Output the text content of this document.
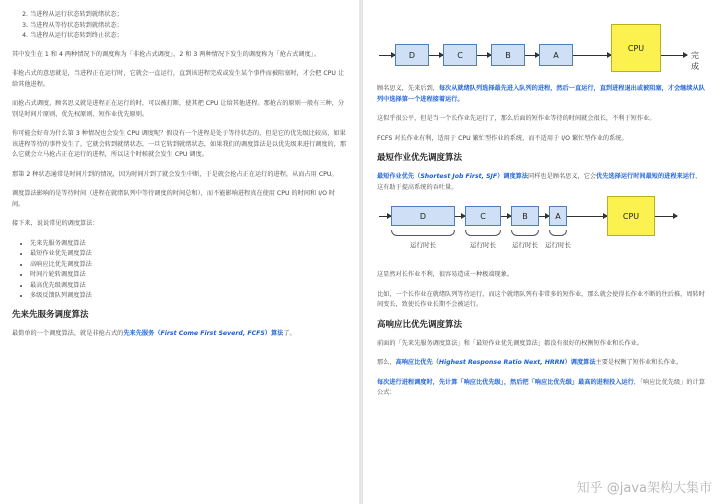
2. 当进程从运行状态转到就绪状态；
3. 当进程从等待状态转到就绪状态；
4. 当进程从运行状态转到终止状态；

其中发生在 1 和 4 两种情况下的调度称为「非抢占式调度」，2 和 3 两种情况下发生的调度称为「抢占式调度」。

非抢占式的意思就是，当进程正在运行时，它就会一直运行，直到该进程完成或发生某个事件而被阻塞时，才会把 CPU 让给其他进程。

而抢占式调度，顾名思义就是进程正在运行的时，可以被打断，使其把 CPU 让给其他进程。那抢占的原则一般有三种，分别是时间片原则、优先权原则、短作业优先原则。

你可能会好奇为什么第 3 种情况也会发生 CPU 调度呢？假设有一个进程是处于等待状态的，但是它的优先级比较高，如果该进程等待的事件发生了，它就会转到就绪状态，一旦它转到就绪状态，如果我们的调度算法是以优先级来进行调度的，那么它就会立马抢占正在运行的进程，所以这个时候就会发生 CPU 调度。

那第 2 种状态通常是时间片到的情况，因为时间片到了就会发生中断，于是就会抢占正在运行的进程，从而占用 CPU。

调度算法影响的是等待时间（进程在就绪队列中等待调度的时间总和），而不能影响进程真在使用 CPU 的时间和 I/O 时间。

接下来，说说常见的调度算法：

• 先来先服务调度算法
• 最短作业优先调度算法
• 高响应比优先调度算法
• 时间片轮转调度算法
• 最高优先级调度算法
• 多级反馈队列调度算法
先来先服务调度算法

最简单的一个调度算法，就是非抢占式的先来先服务（First Come First Severd, FCFS）算法了。

D	C	B	A
CPU
完成

顾名思义，先来后到，每次从就绪队列选择最先进入队列的进程，然后一直运行，直到进程退出或被阻塞，才会继续从队列中选择第一个进程接着运行。

这似乎很公平，但是当一个长作业先运行了，那么后面的短作业等待的时间就会很长，不利于短作业。

FCFS 对长作业有利，适用于 CPU 繁忙型作业的系统，而不适用于 I/O 繁忙型作业的系统。

最短作业优先调度算法

最短作业优先（Shortest Job First, SJF）调度算法同样也是顾名思义，它会优先选择运行时间最短的进程来运行，这有助于提高系统的吞吐量。

D	C	B	A	CPU
运行时长	运行时长	运行时长	运行时长

这显然对长作业不利，很容易造成一种极端现象。

比如，一个长作业在就绪队列等待运行，而这个就绪队列有非常多的短作业，那么就会使得长作业不断的往后推，周转时间变长，致使长作业长期不会被运行。

高响应比优先调度算法

前面的「先来先服务调度算法」和「最短作业优先调度算法」都没有很好的权衡短作业和长作业。

那么，高响应比优先（Highest Response Ratio Next, HRRN）调度算法主要是权衡了短作业和长作业。

每次进行进程调度时，先计算「响应比优先级」，然后把「响应比优先级」最高的进程投入运行，「响应比优先级」的计算公式：

知乎 @java架构大集市
